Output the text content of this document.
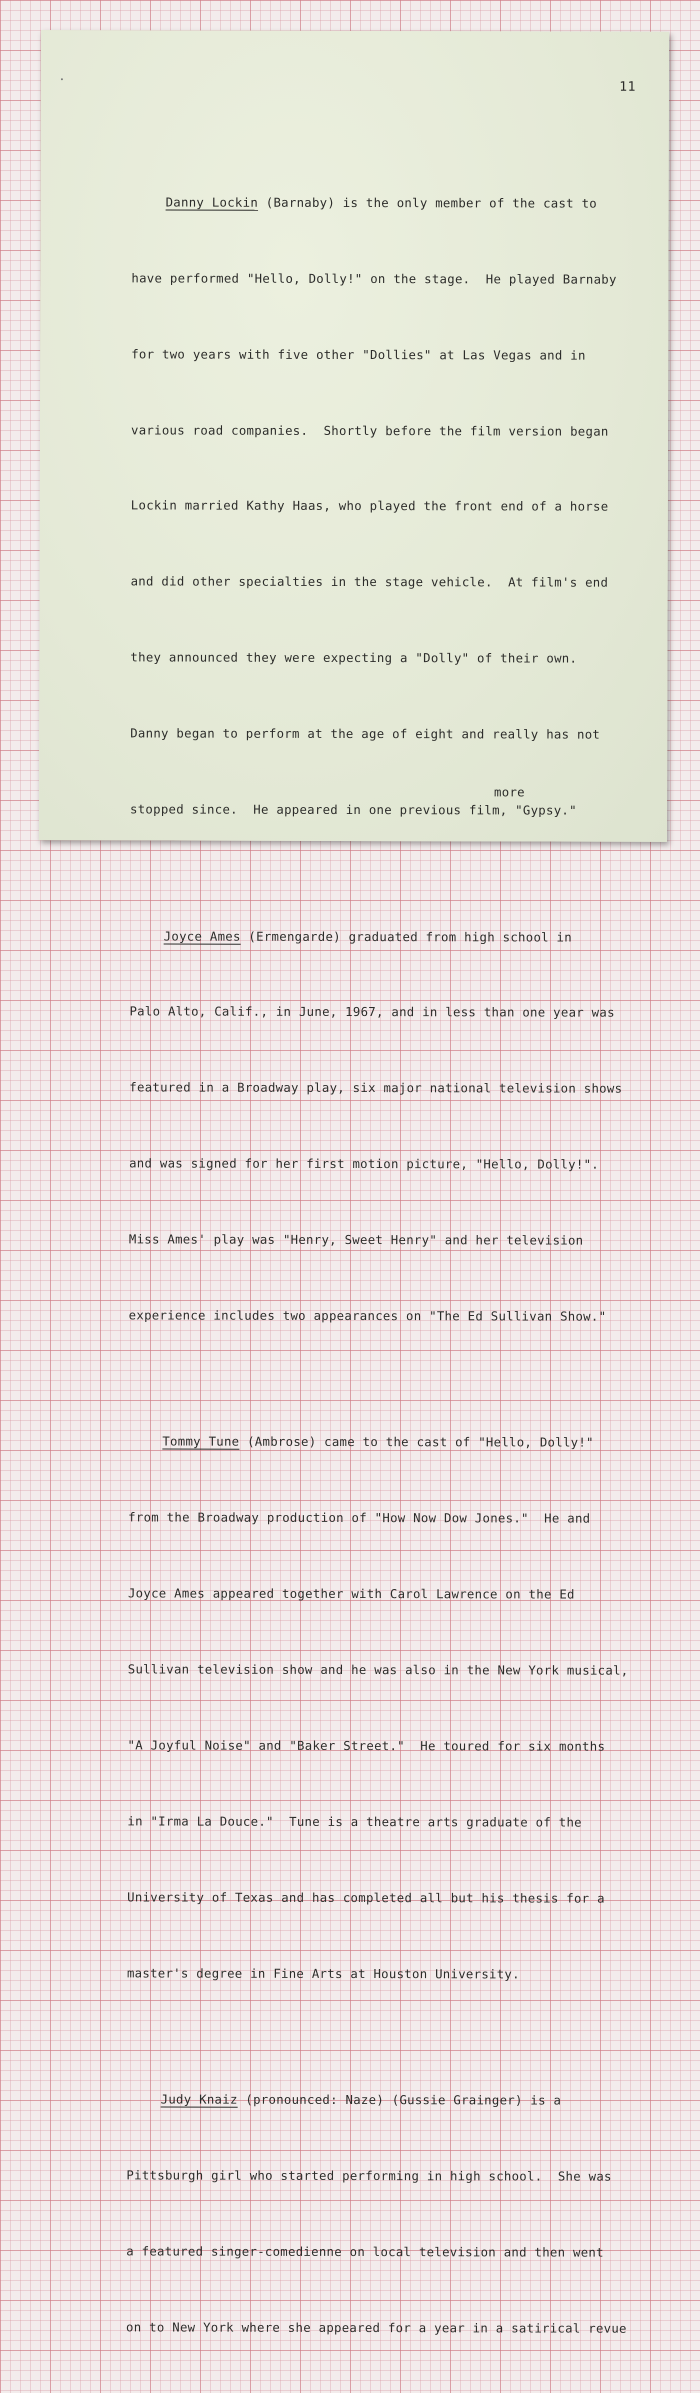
11

Danny Lockin (Barnaby) is the only member of the cast to

have performed "Hello, Dolly!" on the stage.  He played Barnaby

for two years with five other "Dollies" at Las Vegas and in

various road companies.  Shortly before the film version began

Lockin married Kathy Haas, who played the front end of a horse

and did other specialties in the stage vehicle.  At film's end

they announced they were expecting a "Dolly" of their own.

Danny began to perform at the age of eight and really has not

stopped since.  He appeared in one previous film, "Gypsy."

Joyce Ames (Ermengarde) graduated from high school in

Palo Alto, Calif., in June, 1967, and in less than one year was

featured in a Broadway play, six major national television shows

and was signed for her first motion picture, "Hello, Dolly!".

Miss Ames' play was "Henry, Sweet Henry" and her television

experience includes two appearances on "The Ed Sullivan Show."

Tommy Tune (Ambrose) came to the cast of "Hello, Dolly!"

from the Broadway production of "How Now Dow Jones."  He and

Joyce Ames appeared together with Carol Lawrence on the Ed

Sullivan television show and he was also in the New York musical,

"A Joyful Noise" and "Baker Street."  He toured for six months

in "Irma La Douce."  Tune is a theatre arts graduate of the

University of Texas and has completed all but his thesis for a

master's degree in Fine Arts at Houston University.

Judy Knaiz (pronounced: Naze) (Gussie Grainger) is a

Pittsburgh girl who started performing in high school.  She was

a featured singer-comedienne on local television and then went

on to New York where she appeared for a year in a satirical revue

more
